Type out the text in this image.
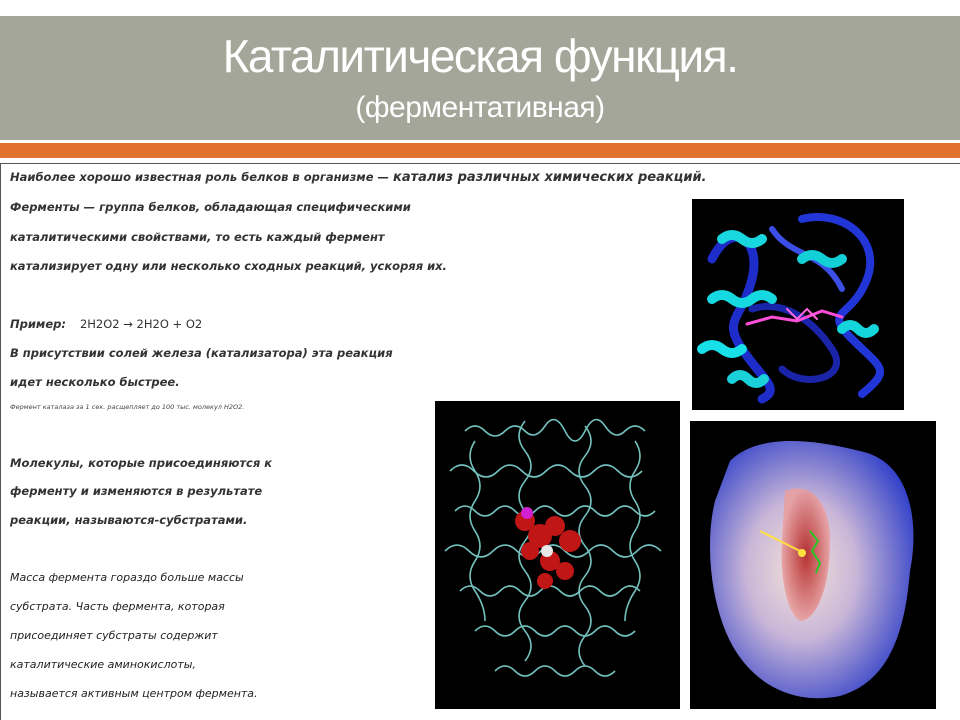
Каталитическая функция.
(ферментативная)
Наиболее хорошо известная роль белков в организме — катализ различных химических реакций.
Ферменты — группа белков, обладающая специфическими
каталитическими свойствами, то есть каждый фермент
катализирует одну или несколько сходных реакций, ускоряя их.
Пример: 2H2O2 → 2H2O + O2
В присутствии солей железа (катализатора) эта реакция
идет несколько быстрее.
Фермент каталаза за 1 сек. расщепляет до 100 тыс. молекул H2O2.
Молекулы, которые присоединяются к
ферменту и изменяются в результате
реакции, называются-субстратами.
Масса фермента гораздо больше массы
субстрата. Часть фермента, которая
присоединяет субстраты содержит
каталитические аминокислоты,
называется активным центром фермента.
